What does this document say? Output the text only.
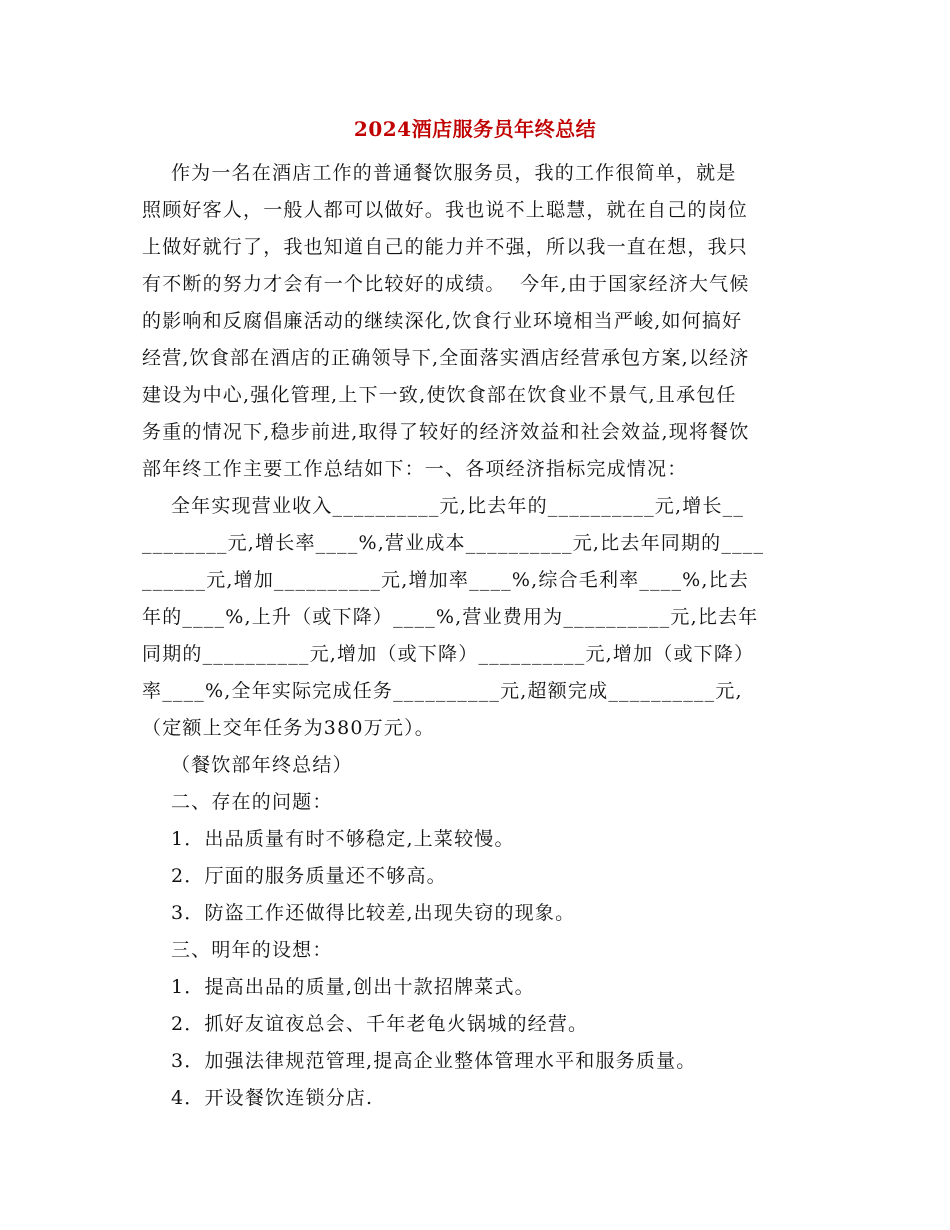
2024酒店服务员年终总结
作为一名在酒店工作的普通餐饮服务员，我的工作很简单，就是
照顾好客人，一般人都可以做好。我也说不上聪慧，就在自己的岗位
上做好就行了，我也知道自己的能力并不强，所以我一直在想，我只
有不断的努力才会有一个比较好的成绩。  今年,由于国家经济大气候
的影响和反腐倡廉活动的继续深化,饮食行业环境相当严峻,如何搞好
经营,饮食部在酒店的正确领导下,全面落实酒店经营承包方案,以经济
建设为中心,强化管理,上下一致,使饮食部在饮食业不景气,且承包任
务重的情况下,稳步前进,取得了较好的经济效益和社会效益,现将餐饮
部年终工作主要工作总结如下：一、各项经济指标完成情况：
全年实现营业收入__________元,比去年的__________元,增长__
________元,增长率____%,营业成本__________元,比去年同期的____
______元,增加__________元,增加率____%,综合毛利率____%,比去
年的____%,上升（或下降）____%,营业费用为__________元,比去年
同期的__________元,增加（或下降）__________元,增加（或下降）
率____%,全年实际完成任务__________元,超额完成__________元,
（定额上交年任务为380万元）。
（餐饮部年终总结）
二、存在的问题：
1．出品质量有时不够稳定,上菜较慢。
2．厅面的服务质量还不够高。
3．防盗工作还做得比较差,出现失窃的现象。
三、明年的设想：
1．提高出品的质量,创出十款招牌菜式。
2．抓好友谊夜总会、千年老龟火锅城的经营。
3．加强法律规范管理,提高企业整体管理水平和服务质量。
4．开设餐饮连锁分店.
